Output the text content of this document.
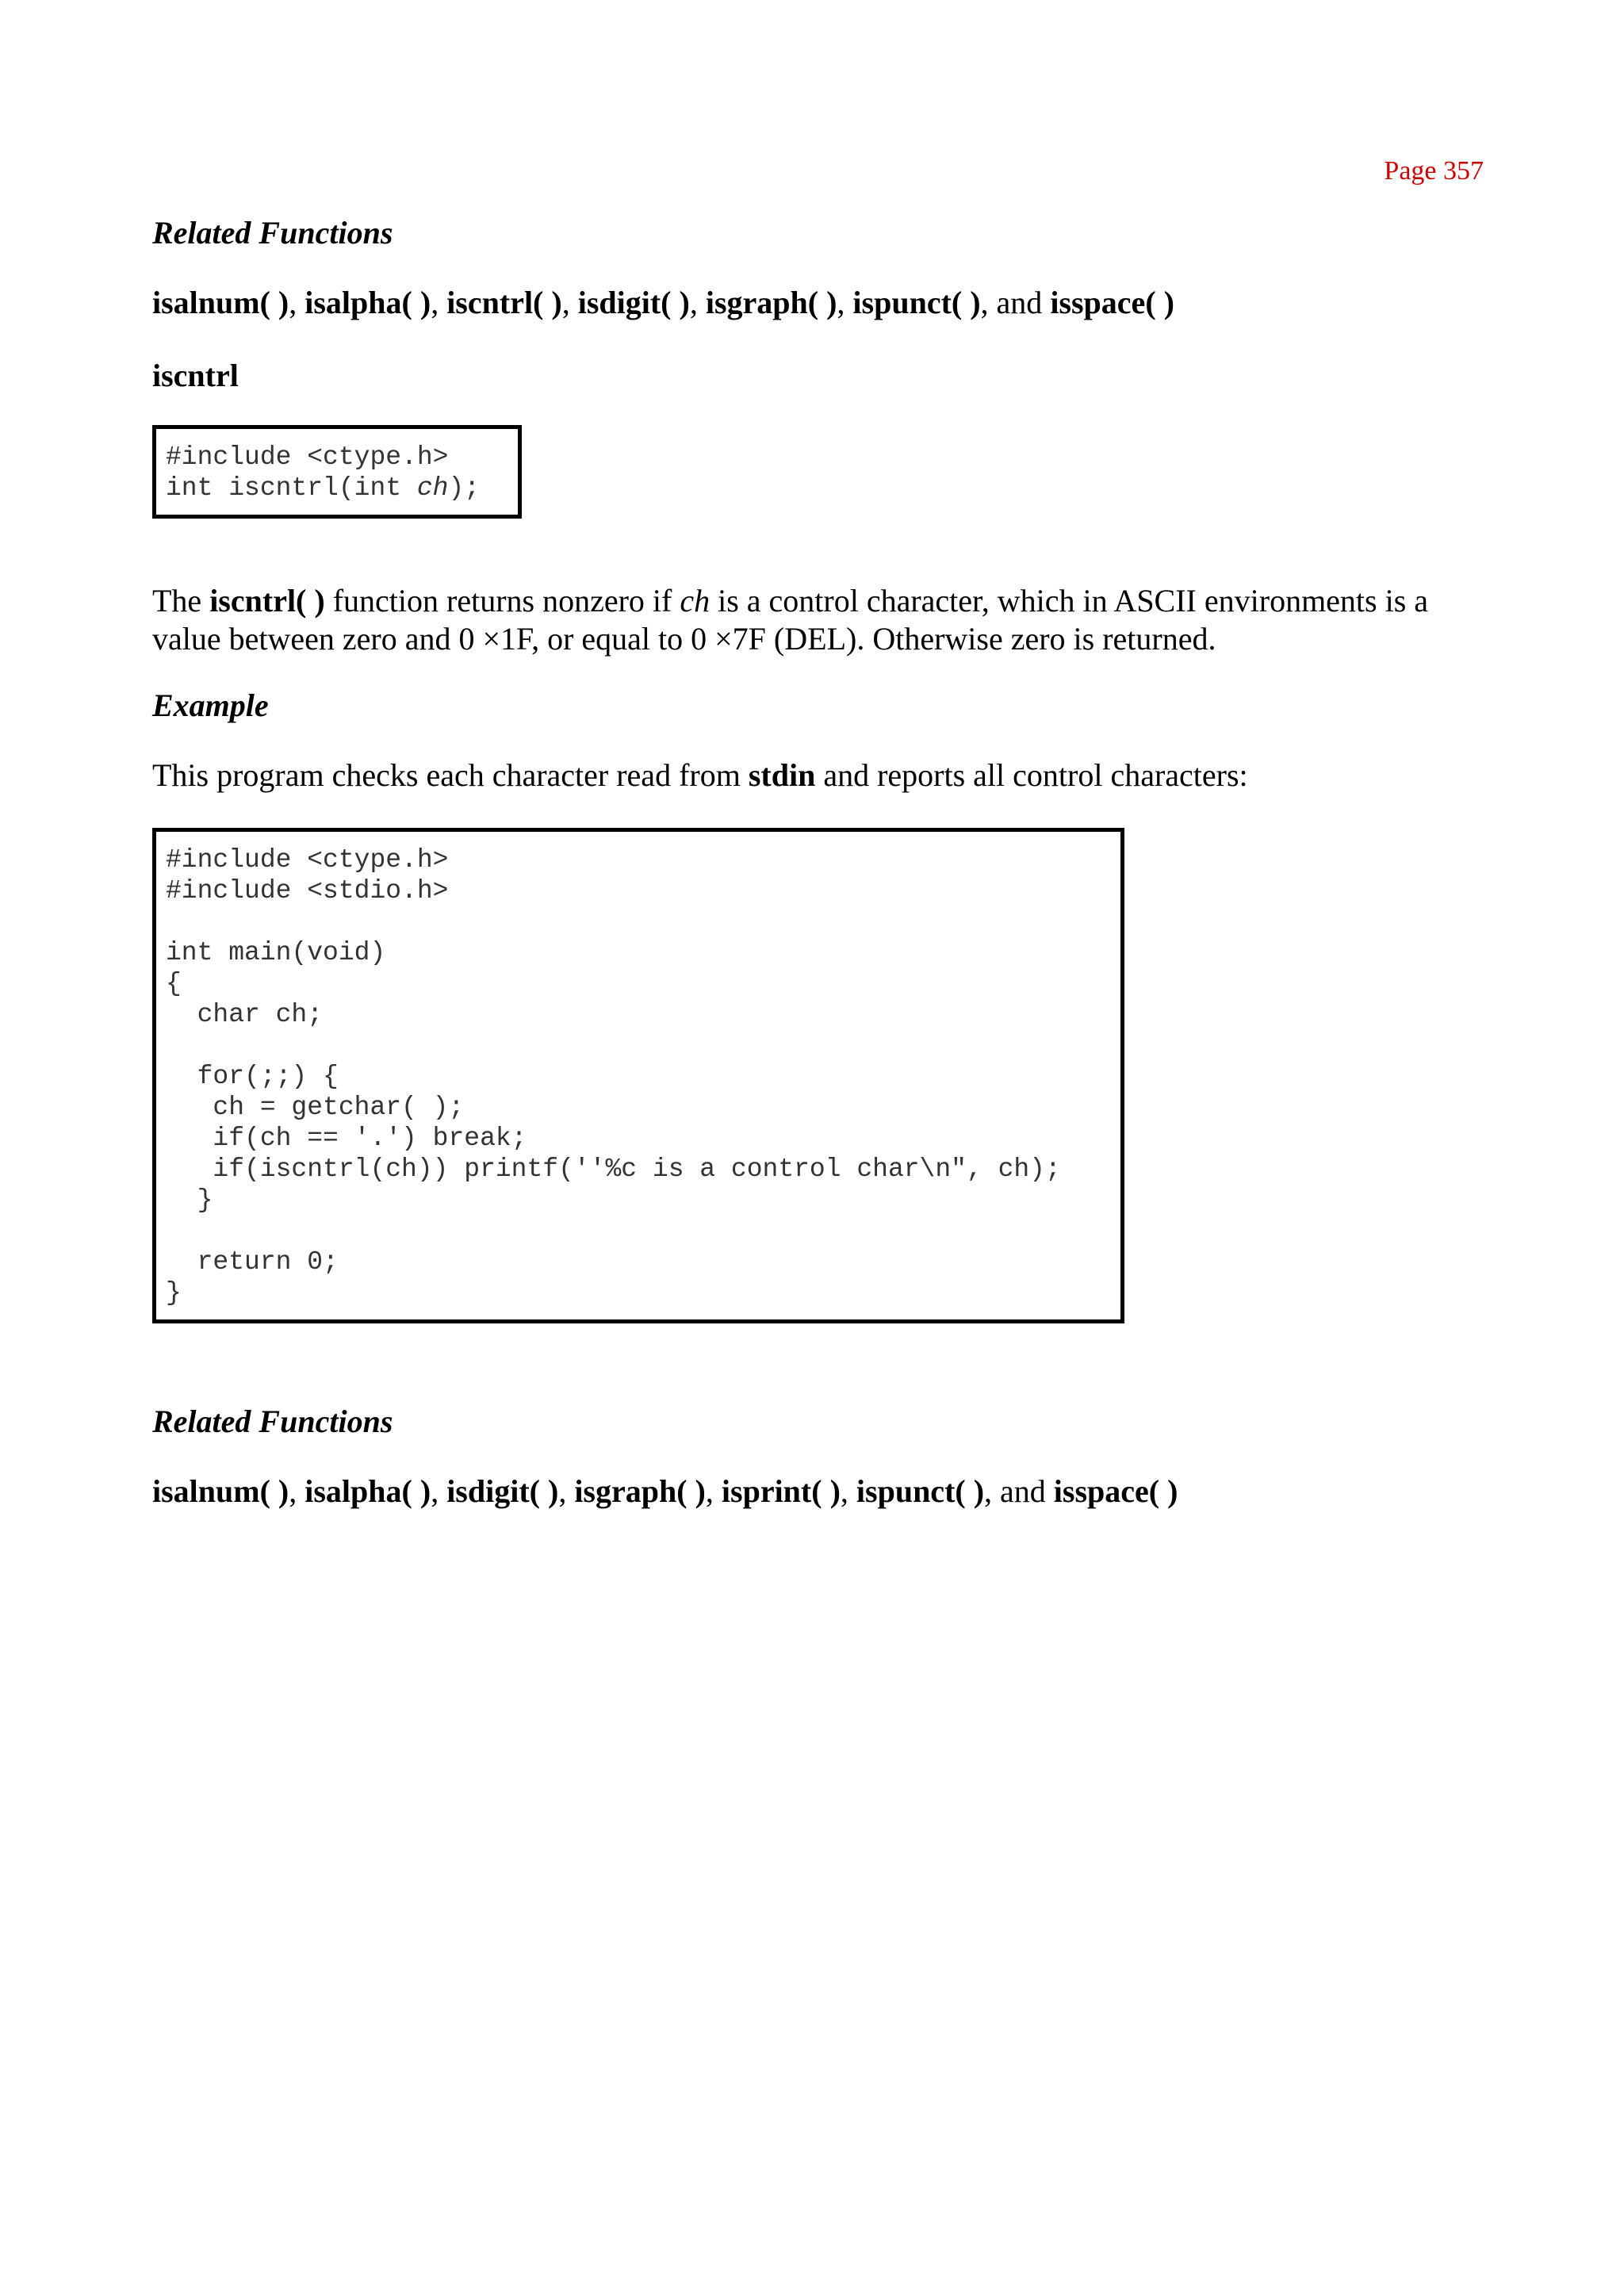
Page 357
Related Functions
isalnum( ), isalpha( ), iscntrl( ), isdigit( ), isgraph( ), ispunct( ), and isspace( )
iscntrl
#include <ctype.h>
int iscntrl(int ch);
The iscntrl( ) function returns nonzero if ch is a control character, which in ASCII environments is a value between zero and 0 ×1F, or equal to 0 ×7F (DEL). Otherwise zero is returned.
Example
This program checks each character read from stdin and reports all control characters:
#include <ctype.h>
#include <stdio.h>

int main(void)
{
char ch;

for(;;) {
ch = getchar( );
if(ch == '.') break;
if(iscntrl(ch)) printf(''%c is a control char\n", ch);
}

return 0;
}
Related Functions
isalnum( ), isalpha( ), isdigit( ), isgraph( ), isprint( ), ispunct( ), and isspace( )
